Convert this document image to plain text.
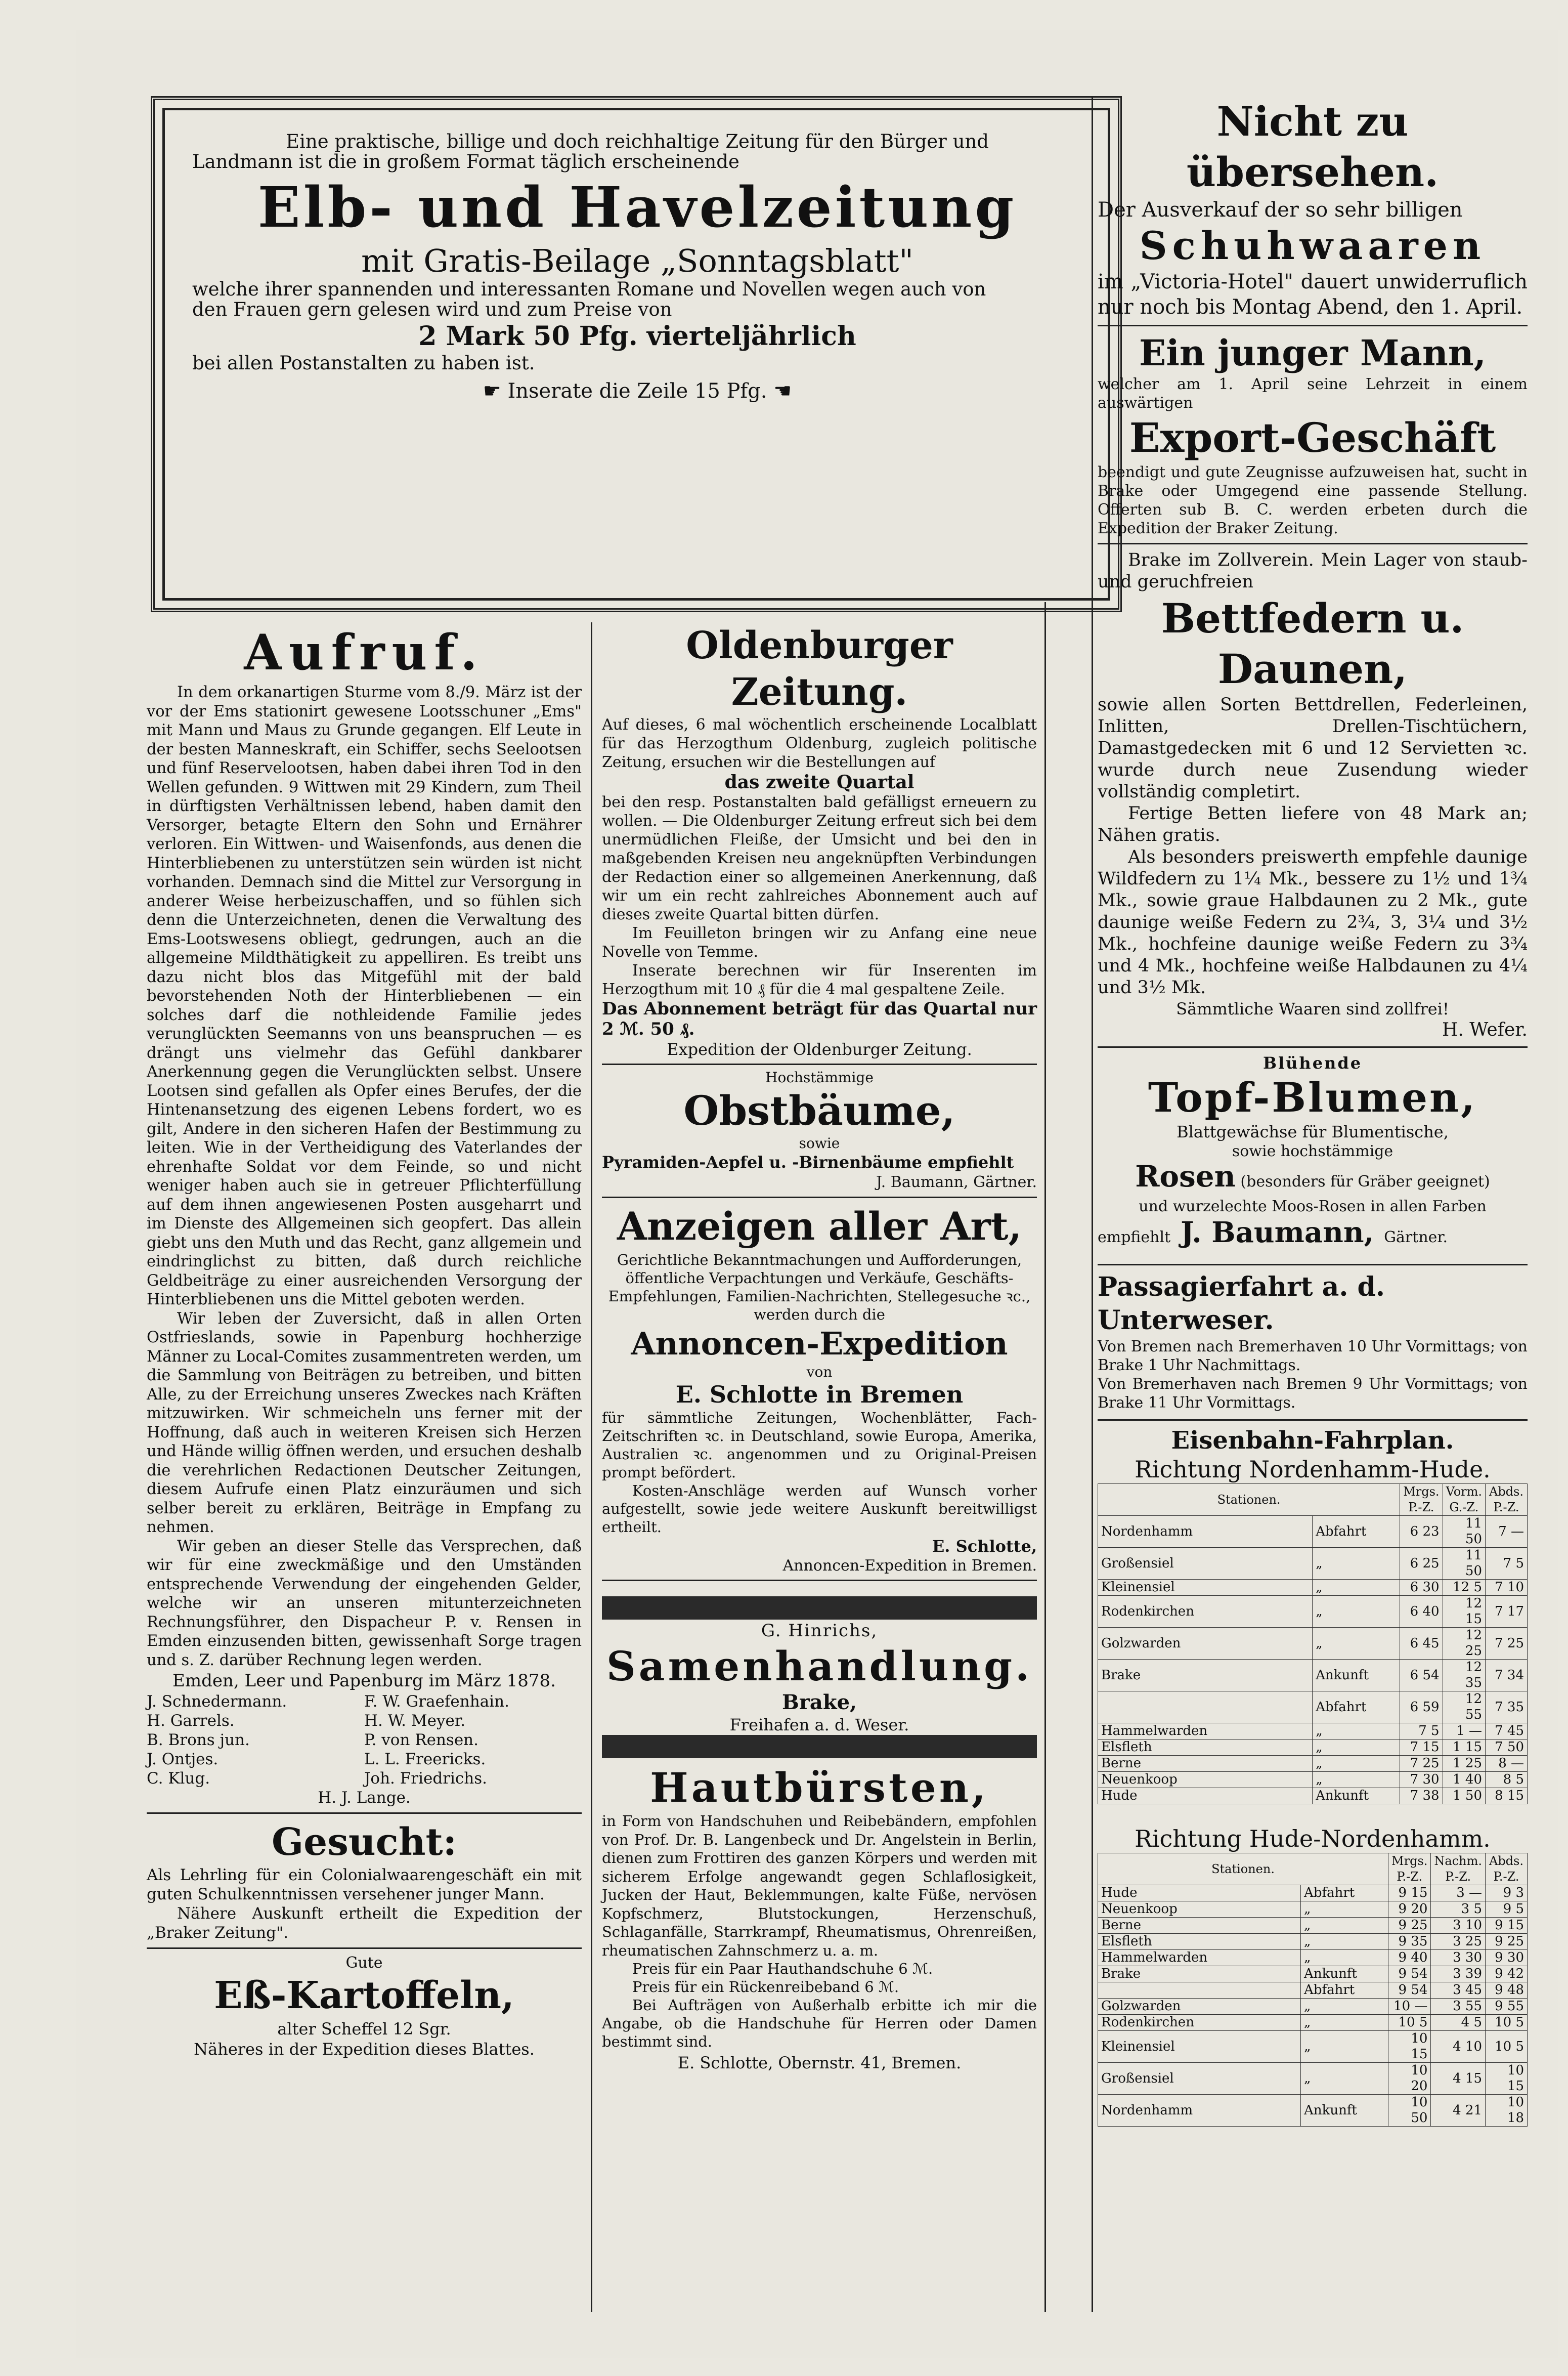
Eine praktische, billige und doch reichhaltige Zeitung für den Bürger und
Landmann ist die in großem Format täglich erscheinende
Elb- und Havelzeitung
mit Gratis-Beilage „Sonntagsblatt"
welche ihrer spannenden und interessanten Romane und Novellen wegen auch von
den Frauen gern gelesen wird und zum Preise von
2 Mark 50 Pfg. vierteljährlich
bei allen Postanstalten zu haben ist.
☛ Inserate die Zeile 15 Pfg. ☚
Aufruf.
In dem orkanartigen Sturme vom 8./9. März ist der vor der Ems stationirt gewesene Lootsschuner „Ems" mit Mann und Maus zu Grunde gegangen. Elf Leute in der besten Manneskraft, ein Schiffer, sechs Seelootsen und fünf Reservelootsen, haben dabei ihren Tod in den Wellen gefunden. 9 Wittwen mit 29 Kindern, zum Theil in dürftigsten Verhältnissen lebend, haben damit den Versorger, betagte Eltern den Sohn und Ernährer verloren. Ein Wittwen- und Waisenfonds, aus denen die Hinterbliebenen zu unterstützen sein würden ist nicht vorhanden. Demnach sind die Mittel zur Versorgung in anderer Weise herbeizuschaffen, und so fühlen sich denn die Unterzeichneten, denen die Verwaltung des Ems-Lootswesens obliegt, gedrungen, auch an die allgemeine Mildthätigkeit zu appelliren. Es treibt uns dazu nicht blos das Mitgefühl mit der bald bevorstehenden Noth der Hinterbliebenen — ein solches darf die nothleidende Familie jedes verunglückten Seemanns von uns beanspruchen — es drängt uns vielmehr das Gefühl dankbarer Anerkennung gegen die Verunglückten selbst. Unsere Lootsen sind gefallen als Opfer eines Berufes, der die Hintenansetzung des eigenen Lebens fordert, wo es gilt, Andere in den sicheren Hafen der Bestimmung zu leiten. Wie in der Vertheidigung des Vaterlandes der ehrenhafte Soldat vor dem Feinde, so und nicht weniger haben auch sie in getreuer Pflichterfüllung auf dem ihnen angewiesenen Posten ausgeharrt und im Dienste des Allgemeinen sich geopfert. Das allein giebt uns den Muth und das Recht, ganz allgemein und eindringlichst zu bitten, daß durch reichliche Geldbeiträge zu einer ausreichenden Versorgung der Hinterbliebenen uns die Mittel geboten werden.
Wir leben der Zuversicht, daß in allen Orten Ostfrieslands, sowie in Papenburg hochherzige Männer zu Local-Comites zusammentreten werden, um die Sammlung von Beiträgen zu betreiben, und bitten Alle, zu der Erreichung unseres Zweckes nach Kräften mitzuwirken. Wir schmeicheln uns ferner mit der Hoffnung, daß auch in weiteren Kreisen sich Herzen und Hände willig öffnen werden, und ersuchen deshalb die verehrlichen Redactionen Deutscher Zeitungen, diesem Aufrufe einen Platz einzuräumen und sich selber bereit zu erklären, Beiträge in Empfang zu nehmen.
Wir geben an dieser Stelle das Versprechen, daß wir für eine zweckmäßige und den Umständen entsprechende Verwendung der eingehenden Gelder, welche wir an unseren mitunterzeichneten Rechnungsführer, den Dispacheur P. v. Rensen in Emden einzusenden bitten, gewissenhaft Sorge tragen und s. Z. darüber Rechnung legen werden.
Emden, Leer und Papenburg im März 1878.
J. Schnedermann.
H. Garrels.
B. Brons jun.
J. Ontjes.
C. Klug.
F. W. Graefenhain.
H. W. Meyer.
P. von Rensen.
L. L. Freericks.
Joh. Friedrichs.
H. J. Lange.
Gesucht:
Als Lehrling für ein Colonialwaarengeschäft ein mit guten Schulkenntnissen versehener junger Mann.
Nähere Auskunft ertheilt die Expedition der „Braker Zeitung".
Gute
Eß-Kartoffeln,
alter Scheffel 12 Sgr.
Näheres in der Expedition dieses Blattes.
Oldenburger Zeitung.
Auf dieses, 6 mal wöchentlich erscheinende Localblatt für das Herzogthum Oldenburg, zugleich politische Zeitung, ersuchen wir die Bestellungen auf
das zweite Quartal
bei den resp. Postanstalten bald gefälligst erneuern zu wollen. — Die Oldenburger Zeitung erfreut sich bei dem unermüdlichen Fleiße, der Umsicht und bei den in maßgebenden Kreisen neu angeknüpften Verbindungen der Redaction einer so allgemeinen Anerkennung, daß wir um ein recht zahlreiches Abonnement auch auf dieses zweite Quartal bitten dürfen.
Im Feuilleton bringen wir zu Anfang eine neue Novelle von Temme.
Inserate berechnen wir für Inserenten im Herzogthum mit 10 ₰ für die 4 mal gespaltene Zeile.
Das Abonnement beträgt für das Quartal nur 2 ℳ. 50 ₰.
Expedition der Oldenburger Zeitung.
Hochstämmige
Obstbäume,
sowie
Pyramiden-Aepfel u. -Birnenbäume empfiehlt
J. Baumann, Gärtner.
Anzeigen aller Art,
Gerichtliche Bekanntmachungen und Aufforderungen, öffentliche Verpachtungen und Verkäufe, Geschäfts-Empfehlungen, Familien-Nachrichten, Stellegesuche ꝛc., werden durch die
Annoncen-Expedition
von
E. Schlotte in Bremen
für sämmtliche Zeitungen, Wochenblätter, Fach-Zeitschriften ꝛc. in Deutschland, sowie Europa, Amerika, Australien ꝛc. angenommen und zu Original-Preisen prompt befördert.
Kosten-Anschläge werden auf Wunsch vorher aufgestellt, sowie jede weitere Auskunft bereitwilligst ertheilt.
E. Schlotte,
Annoncen-Expedition in Bremen.
G. Hinrichs,
Samenhandlung.
Brake,
Freihafen a. d. Weser.
Hautbürsten,
in Form von Handschuhen und Reibebändern, empfohlen von Prof. Dr. B. Langenbeck und Dr. Angelstein in Berlin, dienen zum Frottiren des ganzen Körpers und werden mit sicherem Erfolge angewandt gegen Schlaflosigkeit, Jucken der Haut, Beklemmungen, kalte Füße, nervösen Kopfschmerz, Blutstockungen, Herzenschuß, Schlaganfälle, Starrkrampf, Rheumatismus, Ohrenreißen, rheumatischen Zahnschmerz u. a. m.
Preis für ein Paar Hauthandschuhe 6 ℳ.
Preis für ein Rückenreibeband 6 ℳ.
Bei Aufträgen von Außerhalb erbitte ich mir die Angabe, ob die Handschuhe für Herren oder Damen bestimmt sind.
E. Schlotte, Obernstr. 41, Bremen.
Nicht zu übersehen.
Der Ausverkauf der so sehr billigen
Schuhwaaren
im „Victoria-Hotel" dauert unwiderruflich nur noch bis Montag Abend, den 1. April.
Ein junger Mann,
welcher am 1. April seine Lehrzeit in einem auswärtigen
Export-Geschäft
beendigt und gute Zeugnisse aufzuweisen hat, sucht in Brake oder Umgegend eine passende Stellung. Offerten sub B. C. werden erbeten durch die Expedition der Braker Zeitung.
Brake im Zollverein. Mein Lager von staub- und geruchfreien
Bettfedern u. Daunen,
sowie allen Sorten Bettdrellen, Federleinen, Inlitten, Drellen-Tischtüchern, Damastgedecken mit 6 und 12 Servietten ꝛc. wurde durch neue Zusendung wieder vollständig completirt.
Fertige Betten liefere von 48 Mark an; Nähen gratis.
Als besonders preiswerth empfehle daunige Wildfedern zu 1¼ Mk., bessere zu 1½ und 1¾ Mk., sowie graue Halbdaunen zu 2 Mk., gute daunige weiße Federn zu 2¾, 3, 3¼ und 3½ Mk., hochfeine daunige weiße Federn zu 3¾ und 4 Mk., hochfeine weiße Halbdaunen zu 4¼ und 3½ Mk.
Sämmtliche Waaren sind zollfrei!
H. Wefer.
Blühende
Topf-Blumen,
Blattgewächse für Blumentische,
sowie hochstämmige
Rosen (besonders für Gräber geeignet)
und wurzelechte Moos-Rosen in allen Farben
empfiehlt J. Baumann, Gärtner.
Passagierfahrt a. d. Unterweser.
Von Bremen nach Bremerhaven 10 Uhr Vormittags; von Brake 1 Uhr Nachmittags.
Von Bremerhaven nach Bremen 9 Uhr Vormittags; von Brake 11 Uhr Vormittags.
Eisenbahn-Fahrplan.
Richtung Nordenhamm-Hude.
Stationen.		Mrgs. P.-Z.	Vorm. G.-Z.	Abds. P.-Z.
Nordenhamm	Abfahrt	6 23	11 50	7 —
Großensiel	„	6 25	11 50	7 5
Kleinensiel	„	6 30	12 5	7 10
Rodenkirchen	„	6 40	12 15	7 17
Golzwarden	„	6 45	12 25	7 25
Brake	Ankunft	6 54	12 35	7 34
	Abfahrt	6 59	12 55	7 35
Hammelwarden	„	7 5	1 —	7 45
Elsfleth	„	7 15	1 15	7 50
Berne	„	7 25	1 25	8 —
Neuenkoop	„	7 30	1 40	8 5
Hude	Ankunft	7 38	1 50	8 15
Richtung Hude-Nordenhamm.
Stationen.		Mrgs. P.-Z.	Nachm. P.-Z.	Abds. P.-Z.
Hude	Abfahrt	9 15	3 —	9 3
Neuenkoop	„	9 20	3 5	9 5
Berne	„	9 25	3 10	9 15
Elsfleth	„	9 35	3 25	9 25
Hammelwarden	„	9 40	3 30	9 30
Brake	Ankunft	9 54	3 39	9 42
	Abfahrt	9 54	3 45	9 48
Golzwarden	„	10 —	3 55	9 55
Rodenkirchen	„	10 5	4 5	10 5
Kleinensiel	„	10 15	4 10	10 5
Großensiel	„	10 20	4 15	10 15
Nordenhamm	Ankunft	10 50	4 21	10 18
